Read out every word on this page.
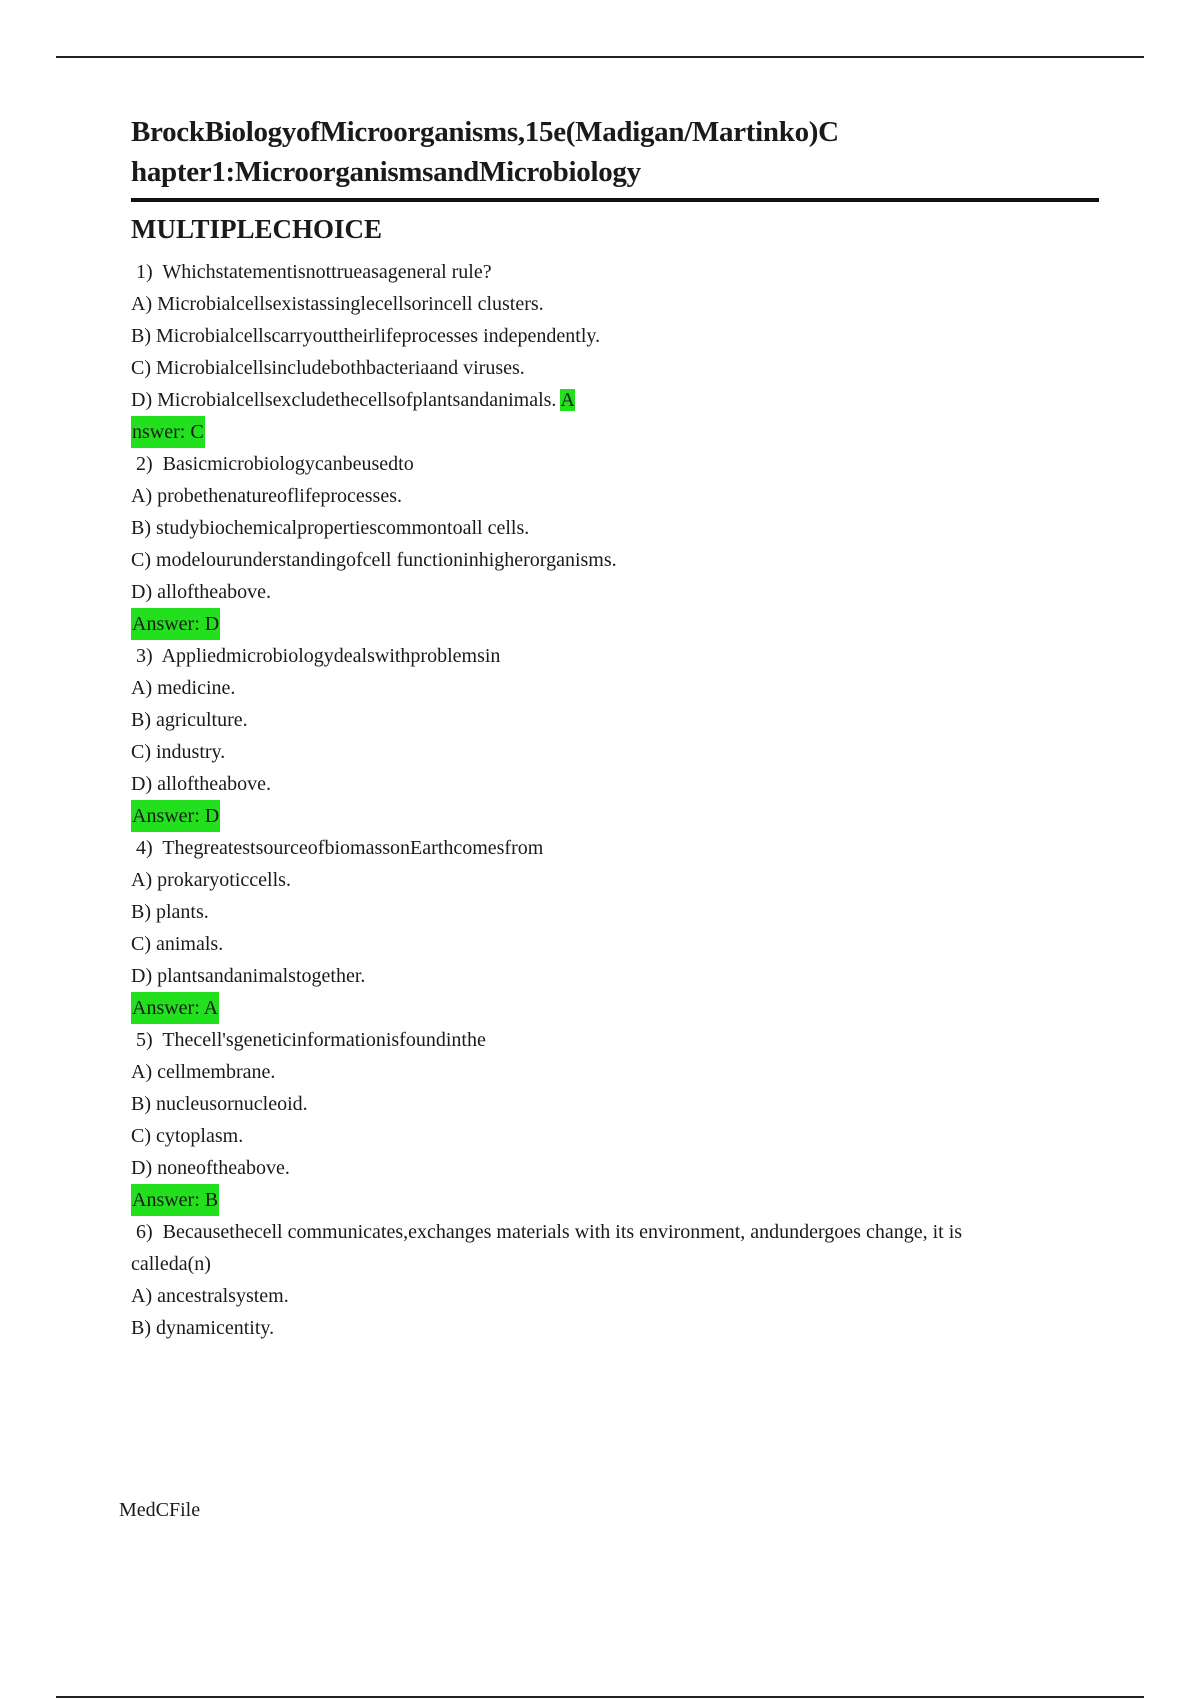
BrockBiologyofMicroorganisms,15e(Madigan/Martinko)C
hapter1:MicroorganismsandMicrobiology
MULTIPLECHOICE
1) Whichstatementisnottrueasageneral rule?
A) Microbialcellsexistassinglecellsorincell clusters.
B) Microbialcellscarryouttheirlifeprocesses independently.
C) Microbialcellsincludebothbacteriaand viruses.
D) Microbialcellsexcludethecellsofplantsandanimals. A
nswer: C
2) Basicmicrobiologycanbeusedto
A) probethenatureoflifeprocesses.
B) studybiochemicalpropertiescommontoall cells.
C) modelourunderstandingofcell functioninhigherorganisms.
D) alloftheabove.
Answer: D
3) Appliedmicrobiologydealswithproblemsin
A) medicine.
B) agriculture.
C) industry.
D) alloftheabove.
Answer: D
4) ThegreatestsourceofbiomassonEarthcomesfrom
A) prokaryoticcells.
B) plants.
C) animals.
D) plantsandanimalstogether.
Answer: A
5) Thecell'sgeneticinformationisfoundinthe
A) cellmembrane.
B) nucleusornucleoid.
C) cytoplasm.
D) noneoftheabove.
Answer: B
6) Becausethecell communicates,exchanges materials with its environment, andundergoes change, it is
calleda(n)
A) ancestralsystem.
B) dynamicentity.
MedCFile
